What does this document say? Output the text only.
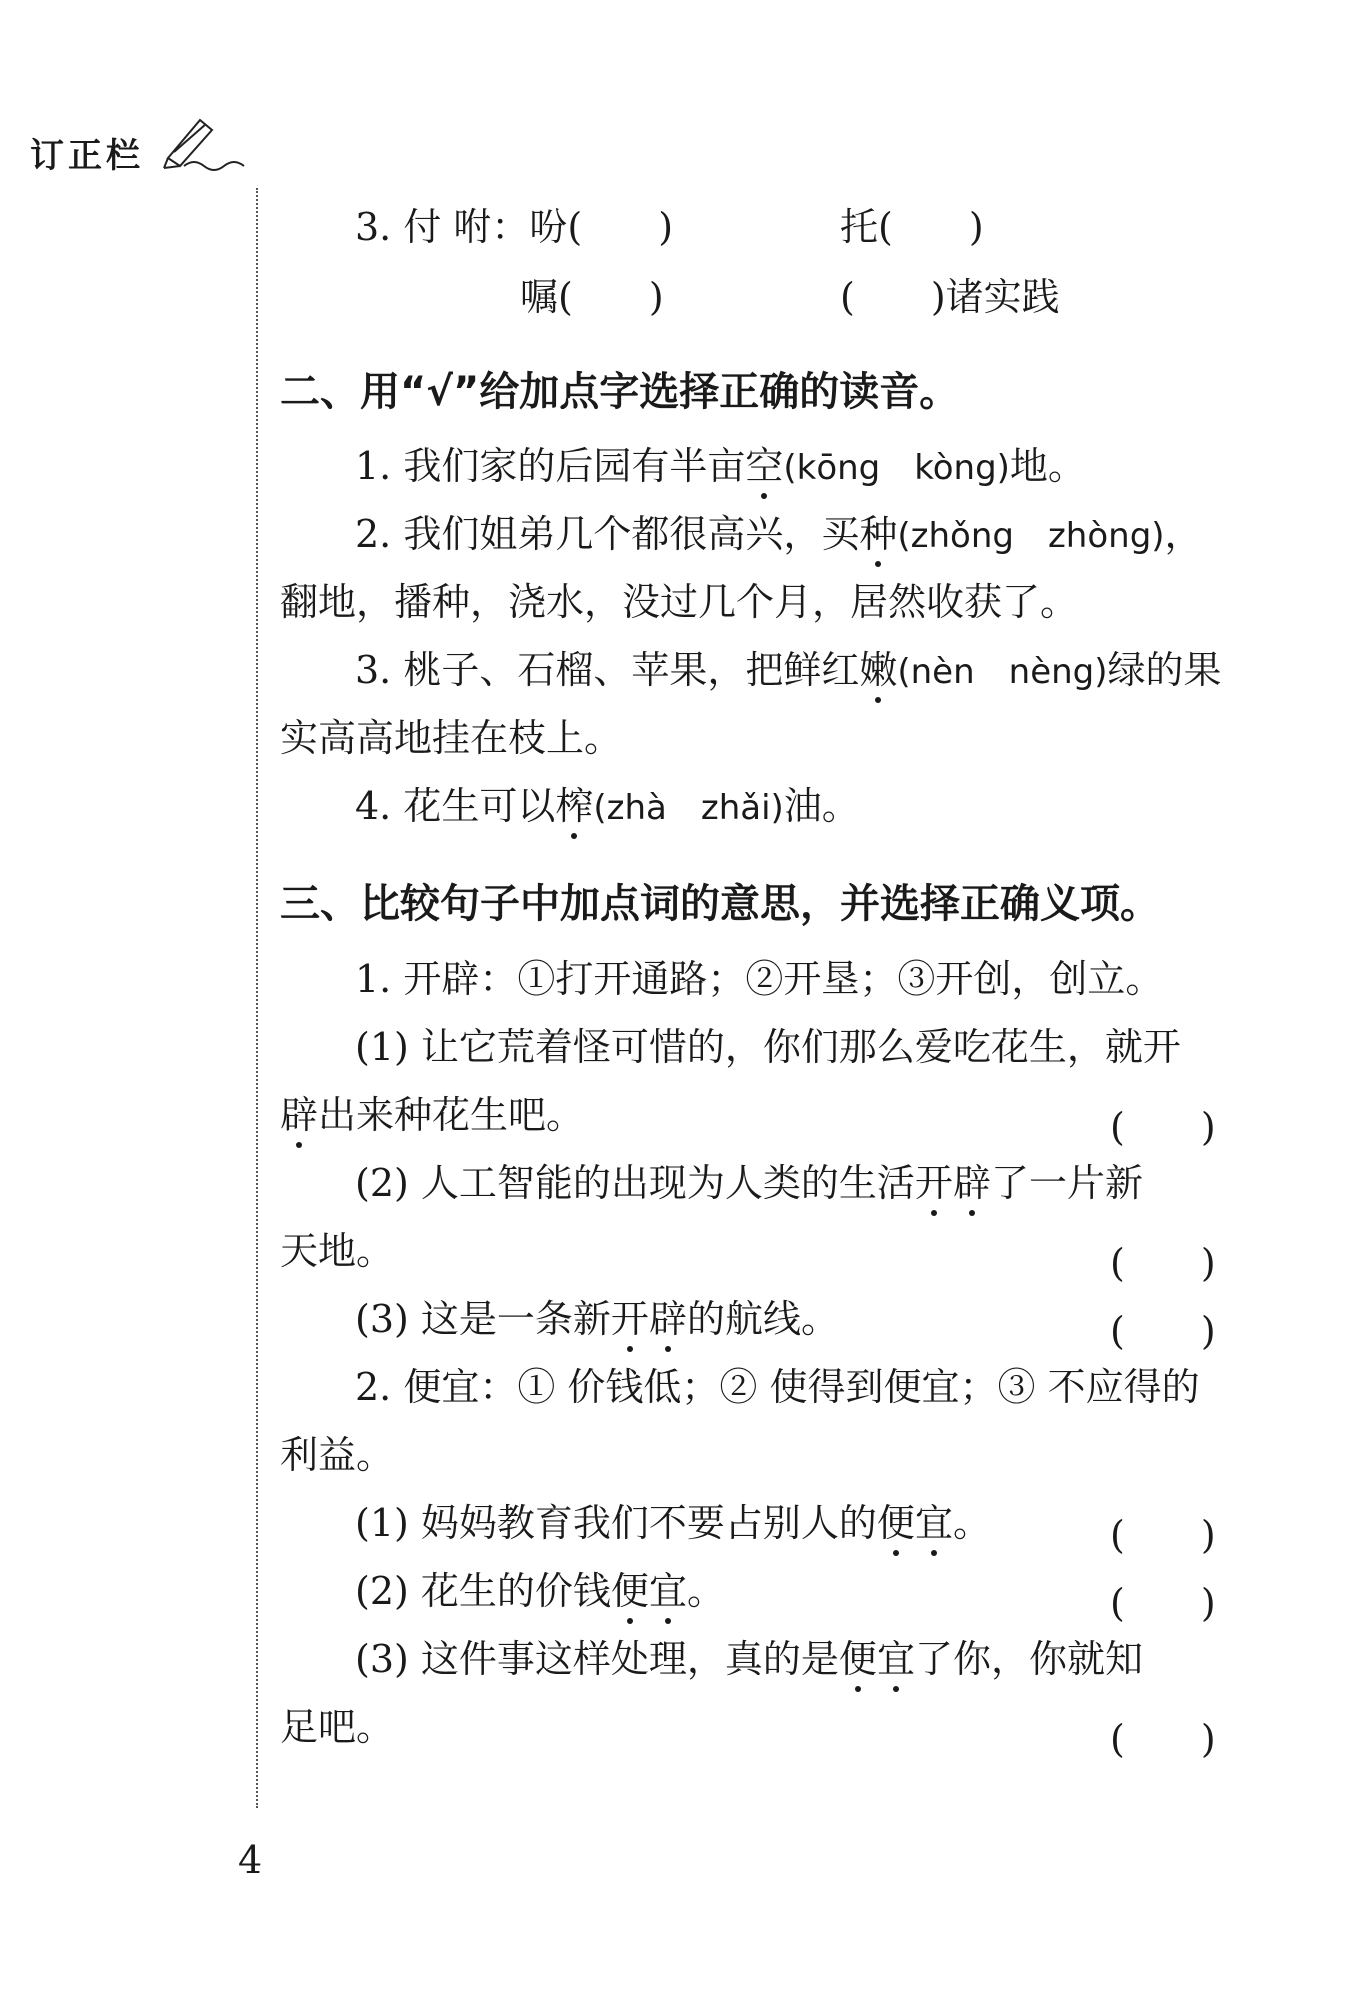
订正栏
3. 付 咐：吩(　　)	托(　　)
嘱(　　)	(　　)诸实践
二、用“√”给加点字选择正确的读音。
1. 我们家的后园有半亩空(kōng　kòng)地。
2. 我们姐弟几个都很高兴，买种(zhǒng　zhòng)，
翻地，播种，浇水，没过几个月，居然收获了。
3. 桃子、石榴、苹果，把鲜红嫩(nèn　nèng)绿的果
实高高地挂在枝上。
4. 花生可以榨(zhà　zhǎi)油。
三、比较句子中加点词的意思，并选择正确义项。
1. 开辟：①打开通路；②开垦；③开创，创立。
(1) 让它荒着怪可惜的，你们那么爱吃花生，就开
辟出来种花生吧。	(　　)
(2) 人工智能的出现为人类的生活开辟了一片新
天地。	(　　)
(3) 这是一条新开辟的航线。	(　　)
2. 便宜：① 价钱低；② 使得到便宜；③ 不应得的
利益。
(1) 妈妈教育我们不要占别人的便宜。	(　　)
(2) 花生的价钱便宜。	(　　)
(3) 这件事这样处理，真的是便宜了你，你就知
足吧。	(　　)
4
